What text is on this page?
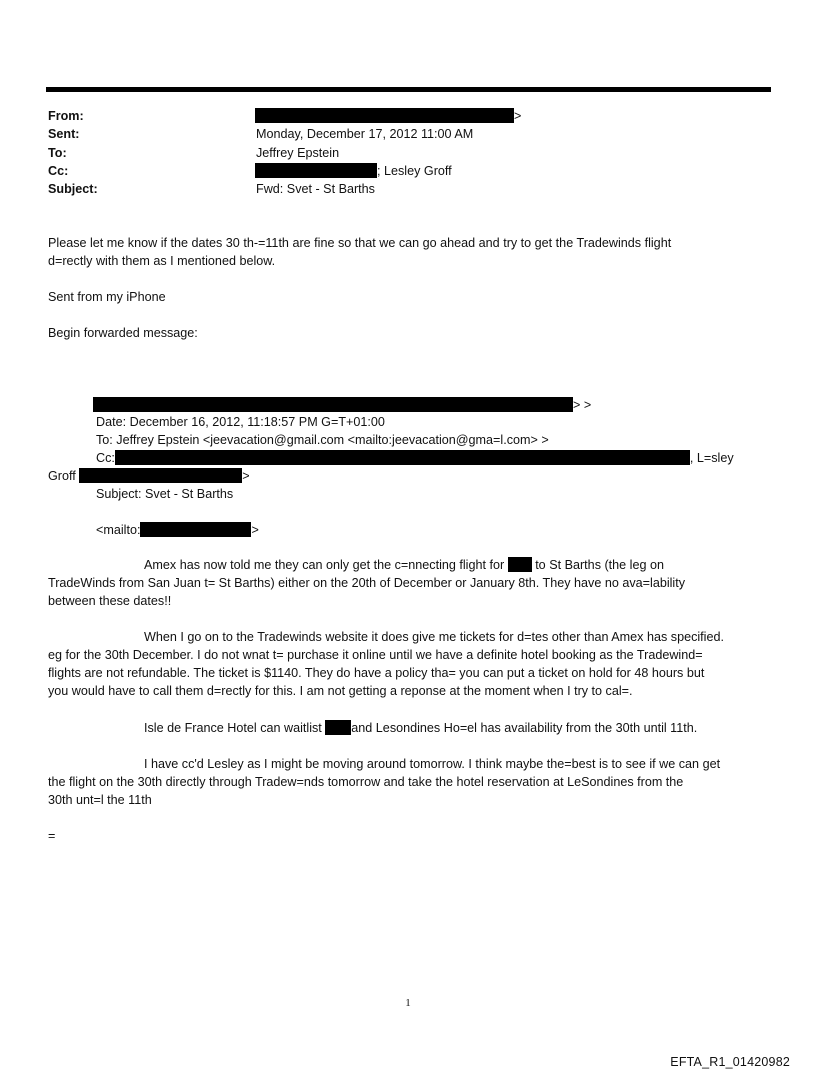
From:	>
Sent:	Monday, December 17, 2012 11:00 AM
To:	Jeffrey Epstein
Cc:	; Lesley Groff
Subject:	Fwd: Svet - St Barths
Please let me know if the dates 30 th-=11th are fine so that we can go ahead and try to get the Tradewinds flight
d=rectly with them as I mentioned below.
Sent from my iPhone
Begin forwarded message:
> >
Date: December 16, 2012, 11:18:57 PM G=T+01:00
To: Jeffrey Epstein <jeevacation@gmail.com <mailto:jeevacation@gma=l.com> >
Cc:	, L=sley
Groff	>
Subject: Svet - St Barths
<mailto:	>
Amex has now told me they can only get the c=nnecting flight for to St Barths (the leg on
TradeWinds from San Juan t= St Barths) either on the 20th of December or January 8th. They have no ava=lability
between these dates!!
When I go on to the Tradewinds website it does give me tickets for d=tes other than Amex has specified.
eg for the 30th December. I do not wnat t= purchase it online until we have a definite hotel booking as the Tradewind=
flights are not refundable. The ticket is $1140. They do have a policy tha= you can put a ticket on hold for 48 hours but
you would have to call them d=rectly for this. I am not getting a reponse at the moment when I try to cal=.
Isle de France Hotel can waitlist and Lesondines Ho=el has availability from the 30th until 11th.
I have cc'd Lesley as I might be moving around tomorrow. I think maybe the=best is to see if we can get
the flight on the 30th directly through Tradew=nds tomorrow and take the hotel reservation at LeSondines from the
30th unt=l the 11th
=
1
EFTA_R1_01420982
